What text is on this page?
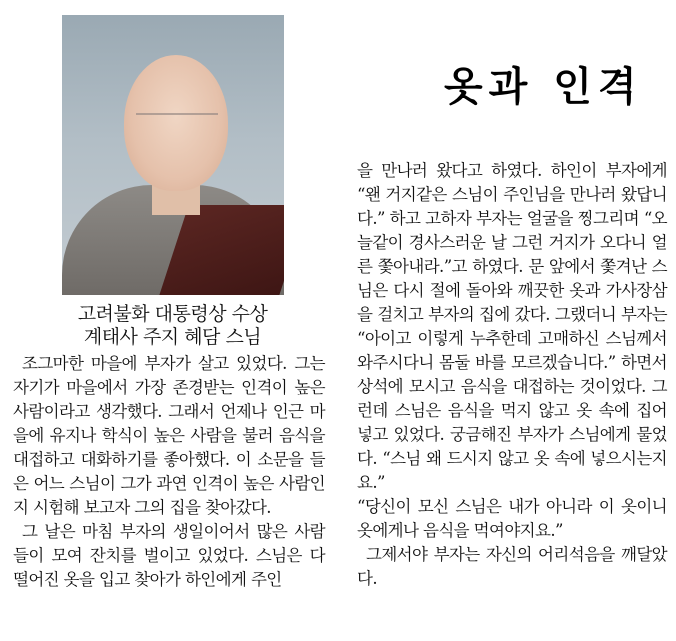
고려불화 대통령상 수상
계태사 주지 혜담 스님
옷과 인격

조그마한 마을에 부자가 살고 있었다. 그는 자기가 마을에서 가장 존경받는 인격이 높은 사람이라고 생각했다. 그래서 언제나 인근 마을에 유지나 학식이 높은 사람을 불러 음식을 대접하고 대화하기를 좋아했다. 이 소문을 들은 어느 스님이 그가 과연 인격이 높은 사람인지 시험해 보고자 그의 집을 찾아갔다.

그 날은 마침 부자의 생일이어서 많은 사람들이 모여 잔치를 벌이고 있었다. 스님은 다 떨어진 옷을 입고 찾아가 하인에게 주인

을 만나러 왔다고 하였다. 하인이 부자에게 “왠 거지같은 스님이 주인님을 만나러 왔답니다.” 하고 고하자 부자는 얼굴을 찡그리며 “오늘같이 경사스러운 날 그런 거지가 오다니 얼른 쫓아내라.”고 하였다. 문 앞에서 쫓겨난 스님은 다시 절에 돌아와 깨끗한 옷과 가사장삼을 걸치고 부자의 집에 갔다. 그랬더니 부자는 “아이고 이렇게 누추한데 고매하신 스님께서 와주시다니 몸둘 바를 모르겠습니다.” 하면서 상석에 모시고 음식을 대접하는 것이었다. 그런데 스님은 음식을 먹지 않고 옷 속에 집어 넣고 있었다. 궁금해진 부자가 스님에게 물었다. “스님 왜 드시지 않고 옷 속에 넣으시는지요.”

“당신이 모신 스님은 내가 아니라 이 옷이니 옷에게나 음식을 먹여야지요.”

그제서야 부자는 자신의 어리석음을 깨달았다.
